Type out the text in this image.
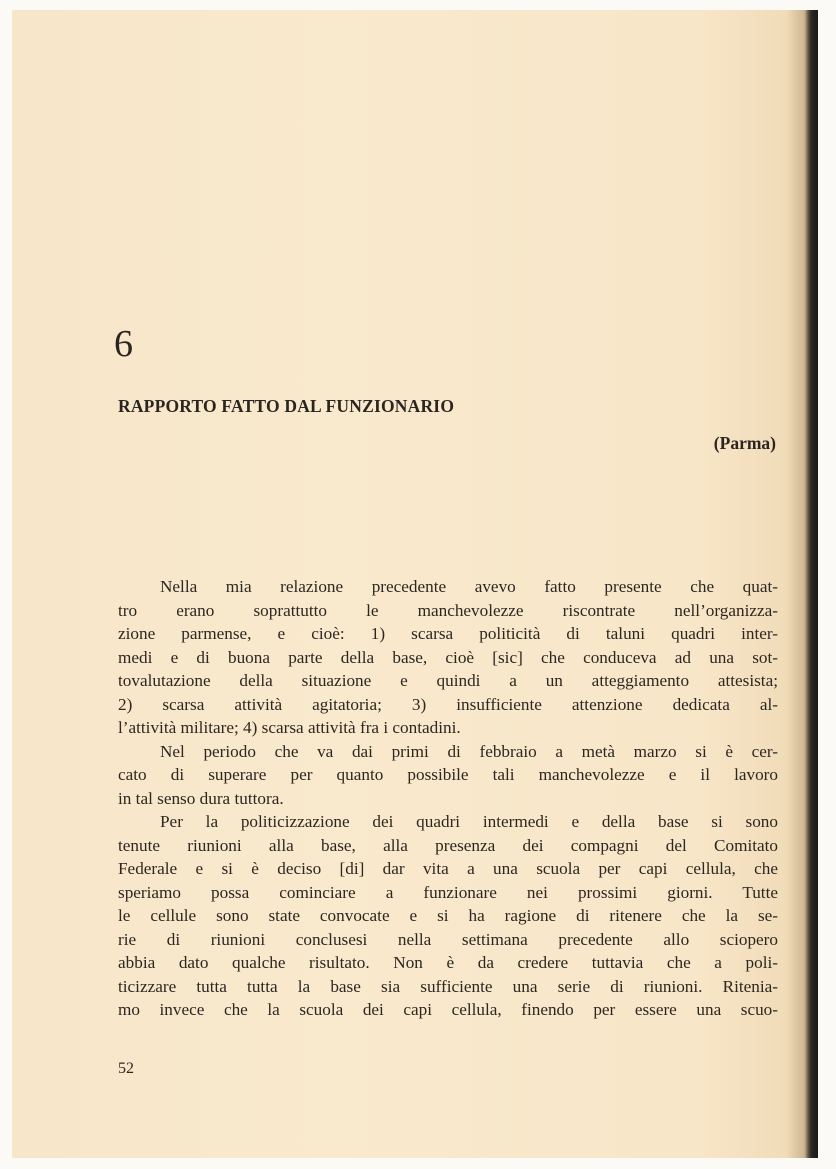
6
RAPPORTO FATTO DAL FUNZIONARIO
(Parma)
Nella mia relazione precedente avevo fatto presente che quat-
tro erano soprattutto le manchevolezze riscontrate nell’organizza-
zione parmense, e cioè: 1) scarsa politicità di taluni quadri inter-
medi e di buona parte della base, cioè [sic] che conduceva ad una sot-
tovalutazione della situazione e quindi a un atteggiamento attesista;
2) scarsa attività agitatoria; 3) insufficiente attenzione dedicata al-
l’attività militare; 4) scarsa attività fra i contadini.
Nel periodo che va dai primi di febbraio a metà marzo si è cer-
cato di superare per quanto possibile tali manchevolezze e il lavoro
in tal senso dura tuttora.
Per la politicizzazione dei quadri intermedi e della base si sono
tenute riunioni alla base, alla presenza dei compagni del Comitato
Federale e si è deciso [di] dar vita a una scuola per capi cellula, che
speriamo possa cominciare a funzionare nei prossimi giorni. Tutte
le cellule sono state convocate e si ha ragione di ritenere che la se-
rie di riunioni conclusesi nella settimana precedente allo sciopero
abbia dato qualche risultato. Non è da credere tuttavia che a poli-
ticizzare tutta tutta la base sia sufficiente una serie di riunioni. Ritenia-
mo invece che la scuola dei capi cellula, finendo per essere una scuo-
52
